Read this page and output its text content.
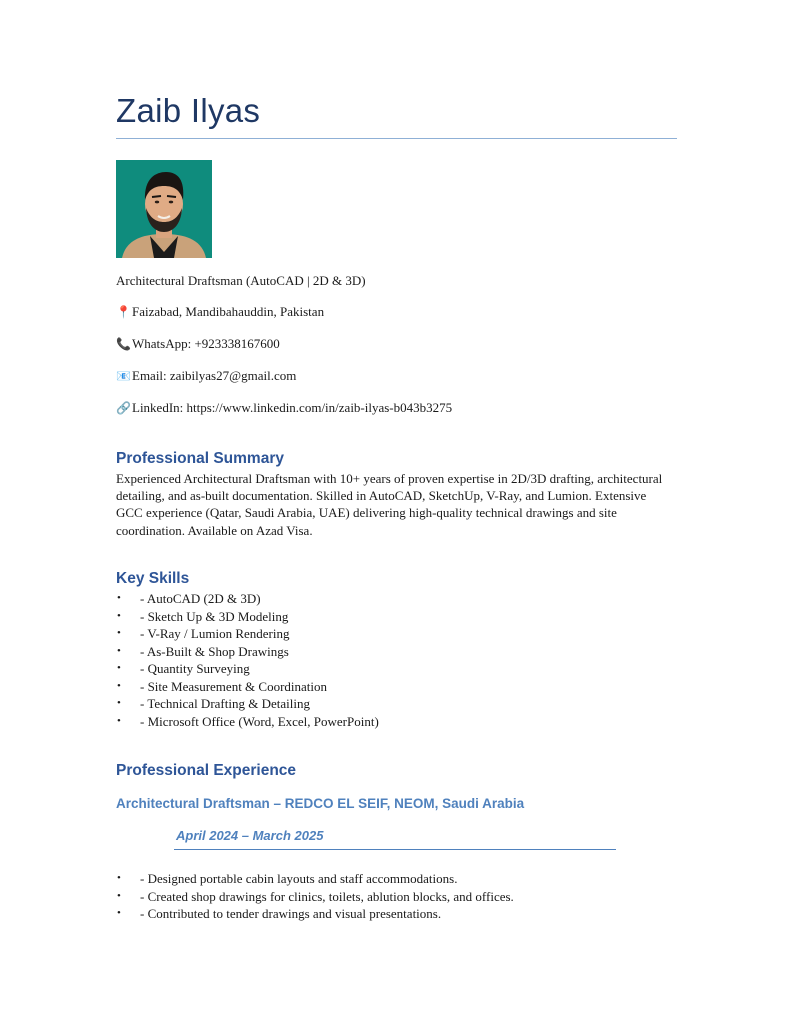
Zaib Ilyas
Architectural Draftsman (AutoCAD | 2D & 3D)
📍Faizabad, Mandibahauddin, Pakistan
📞WhatsApp: +923338167600
📧Email: zaibilyas27@gmail.com
🔗LinkedIn: https://www.linkedin.com/in/zaib-ilyas-b043b3275
Professional Summary
Experienced Architectural Draftsman with 10+ years of proven expertise in 2D/3D drafting, architectural detailing, and as-built documentation. Skilled in AutoCAD, SketchUp, V-Ray, and Lumion. Extensive GCC experience (Qatar, Saudi Arabia, UAE) delivering high-quality technical drawings and site coordination. Available on Azad Visa.
Key Skills
• - AutoCAD (2D & 3D)
• - Sketch Up & 3D Modeling
• - V-Ray / Lumion Rendering
• - As-Built & Shop Drawings
• - Quantity Surveying
• - Site Measurement & Coordination
• - Technical Drafting & Detailing
• - Microsoft Office (Word, Excel, PowerPoint)
Professional Experience
Architectural Draftsman – REDCO EL SEIF, NEOM, Saudi Arabia
April 2024 – March 2025
• - Designed portable cabin layouts and staff accommodations.
• - Created shop drawings for clinics, toilets, ablution blocks, and offices.
• - Contributed to tender drawings and visual presentations.
